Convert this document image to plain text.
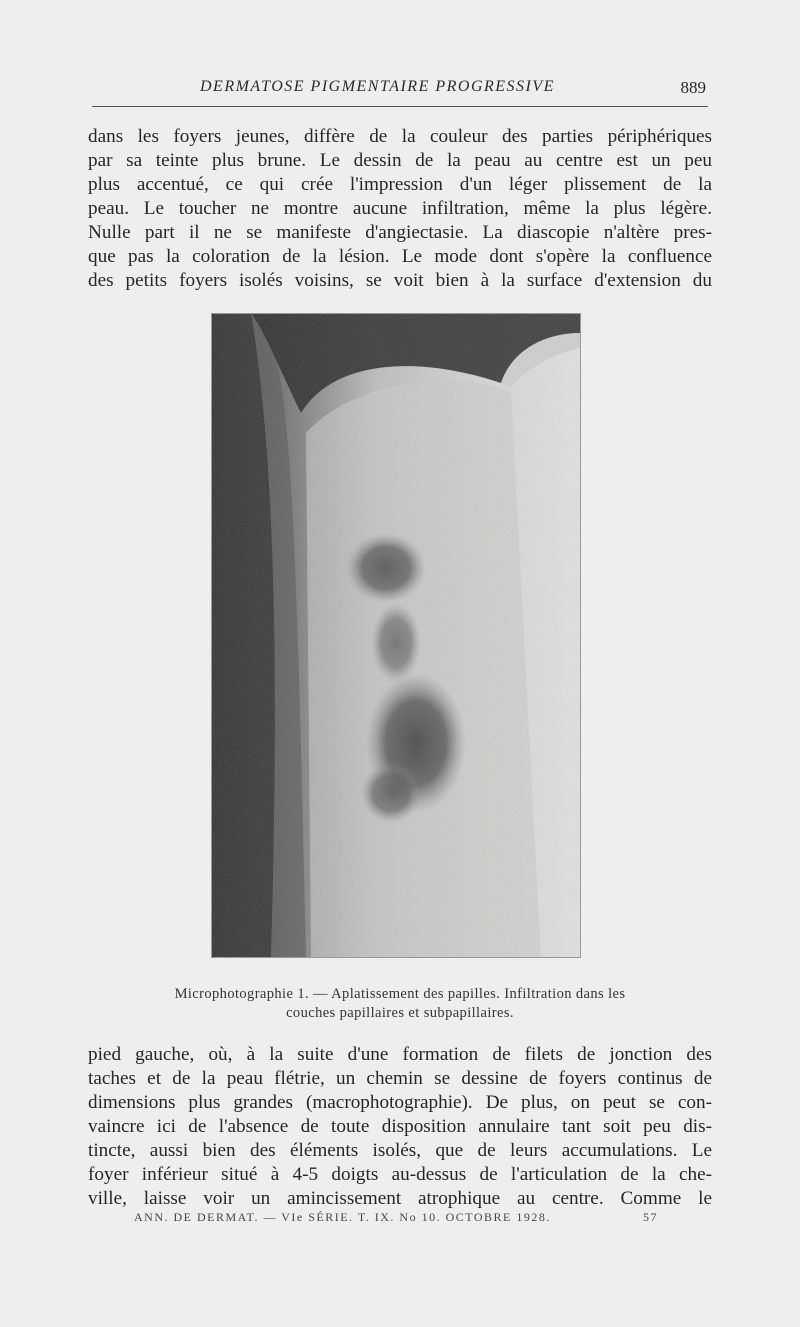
DERMATOSE PIGMENTAIRE PROGRESSIVE	889

dans les foyers jeunes, diffère de la couleur des parties périphériques
par sa teinte plus brune. Le dessin de la peau au centre est un peu
plus accentué, ce qui crée l'impression d'un léger plissement de la
peau. Le toucher ne montre aucune infiltration, même la plus légère.
Nulle part il ne se manifeste d'angiectasie. La diascopie n'altère pres-
que pas la coloration de la lésion. Le mode dont s'opère la confluence
des petits foyers isolés voisins, se voit bien à la surface d'extension du

Microphotographie 1. — Aplatissement des papilles. Infiltration dans les
couches papillaires et subpapillaires.

pied gauche, où, à la suite d'une formation de filets de jonction des
taches et de la peau flétrie, un chemin se dessine de foyers continus de
dimensions plus grandes (macrophotographie). De plus, on peut se con-
vaincre ici de l'absence de toute disposition annulaire tant soit peu dis-
tincte, aussi bien des éléments isolés, que de leurs accumulations. Le
foyer inférieur situé à 4-5 doigts au-dessus de l'articulation de la che-
ville, laisse voir un amincissement atrophique au centre. Comme le

ANN. DE DERMAT. — VIe SÉRIE. T. IX. No 10. OCTOBRE 1928.	57
